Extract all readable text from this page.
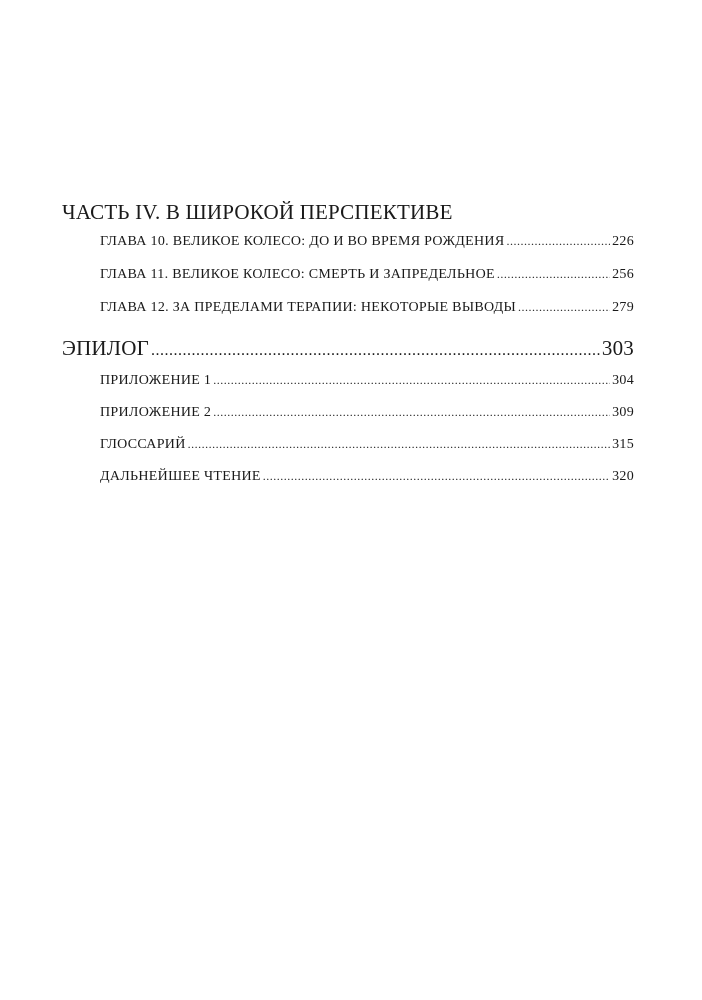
ЧАСТЬ IV. В ШИРОКОЙ ПЕРСПЕКТИВЕ
ГЛАВА 10. ВЕЛИКОЕ КОЛЕСО: ДО И ВО ВРЕМЯ РОЖДЕНИЯ .....	226
ГЛАВА 11. ВЕЛИКОЕ КОЛЕСО: СМЕРТЬ И ЗАПРЕДЕЛЬНОЕ .....	256
ГЛАВА 12. ЗА ПРЕДЕЛАМИ ТЕРАПИИ: НЕКОТОРЫЕ ВЫВОДЫ .....	279
ЭПИЛОГ .....	303
ПРИЛОЖЕНИЕ 1 .....	304
ПРИЛОЖЕНИЕ 2 .....	309
ГЛОССАРИЙ .....	315
ДАЛЬНЕЙШЕЕ ЧТЕНИЕ .....	320
